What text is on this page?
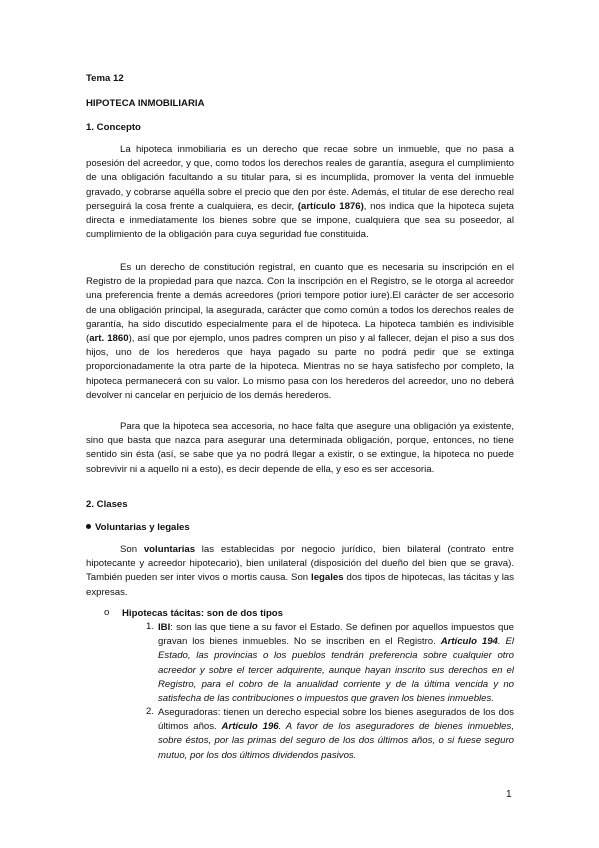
Tema 12

HIPOTECA INMOBILIARIA

1. Concepto

La hipoteca inmobiliaria es un derecho que recae sobre un inmueble, que no pasa a posesión del acreedor, y que, como todos los derechos reales de garantía, asegura el cumplimiento de una obligación facultando a su titular para, si es incumplida, promover la venta del inmueble gravado, y cobrarse aquélla sobre el precio que den por éste. Además, el titular de ese derecho real perseguirá la cosa frente a cualquiera, es decir, (artículo 1876), nos indica que la hipoteca sujeta directa e inmediatamente los bienes sobre que se impone, cualquiera que sea su poseedor, al cumplimiento de la obligación para cuya seguridad fue constituida.

Es un derecho de constitución registral, en cuanto que es necesaria su inscripción en el Registro de la propiedad para que nazca. Con la inscripción en el Registro, se le otorga al acreedor una preferencia frente a demás acreedores (priori tempore potior iure).El carácter de ser accesorio de una obligación principal, la asegurada, carácter que como común a todos los derechos reales de garantía, ha sido discutido especialmente para el de hipoteca. La hipoteca también es indivisible (art. 1860), así que por ejemplo, unos padres compren un piso y al fallecer, dejan el piso a sus dos hijos, uno de los herederos que haya pagado su parte no podrá pedir que se extinga proporcionadamente la otra parte de la hipoteca. Mientras no se haya satisfecho por completo, la hipoteca permanecerá con su valor. Lo mismo pasa con los herederos del acreedor, uno no deberá devolver ni cancelar en perjuicio de los demás herederos.

Para que la hipoteca sea accesoria, no hace falta que asegure una obligación ya existente, sino que basta que nazca para asegurar una determinada obligación, porque, entonces, no tiene sentido sin ésta (así, se sabe que ya no podrá llegar a existir, o se extingue, la hipoteca no puede sobrevivir ni a aquello ni a esto), es decir depende de ella, y eso es ser accesoria.

2. Clases

Voluntarias y legales

Son voluntarias las establecidas por negocio jurídico, bien bilateral (contrato entre hipotecante y acreedor hipotecario), bien unilateral (disposición del dueño del bien que se grava). También pueden ser inter vivos o mortis causa. Son legales dos tipos de hipotecas, las tácitas y las expresas.

o Hipotecas tácitas: son de dos tipos

1. IBI: son las que tiene a su favor el Estado. Se definen por aquellos impuestos que gravan los bienes inmuebles. No se inscriben en el Registro. Artículo 194. El Estado, las provincias o los pueblos tendrán preferencia sobre cualquier otro acreedor y sobre el tercer adquirente, aunque hayan inscrito sus derechos en el Registro, para el cobro de la anualidad corriente y de la última vencida y no satisfecha de las contribuciones o impuestos que graven los bienes inmuebles.

2. Aseguradoras: tienen un derecho especial sobre los bienes asegurados de los dos últimos años. Artículo 196. A favor de los aseguradores de bienes inmuebles, sobre éstos, por las primas del seguro de los dos últimos años, o si fuese seguro mutuo, por los dos últimos dividendos pasivos.

1
